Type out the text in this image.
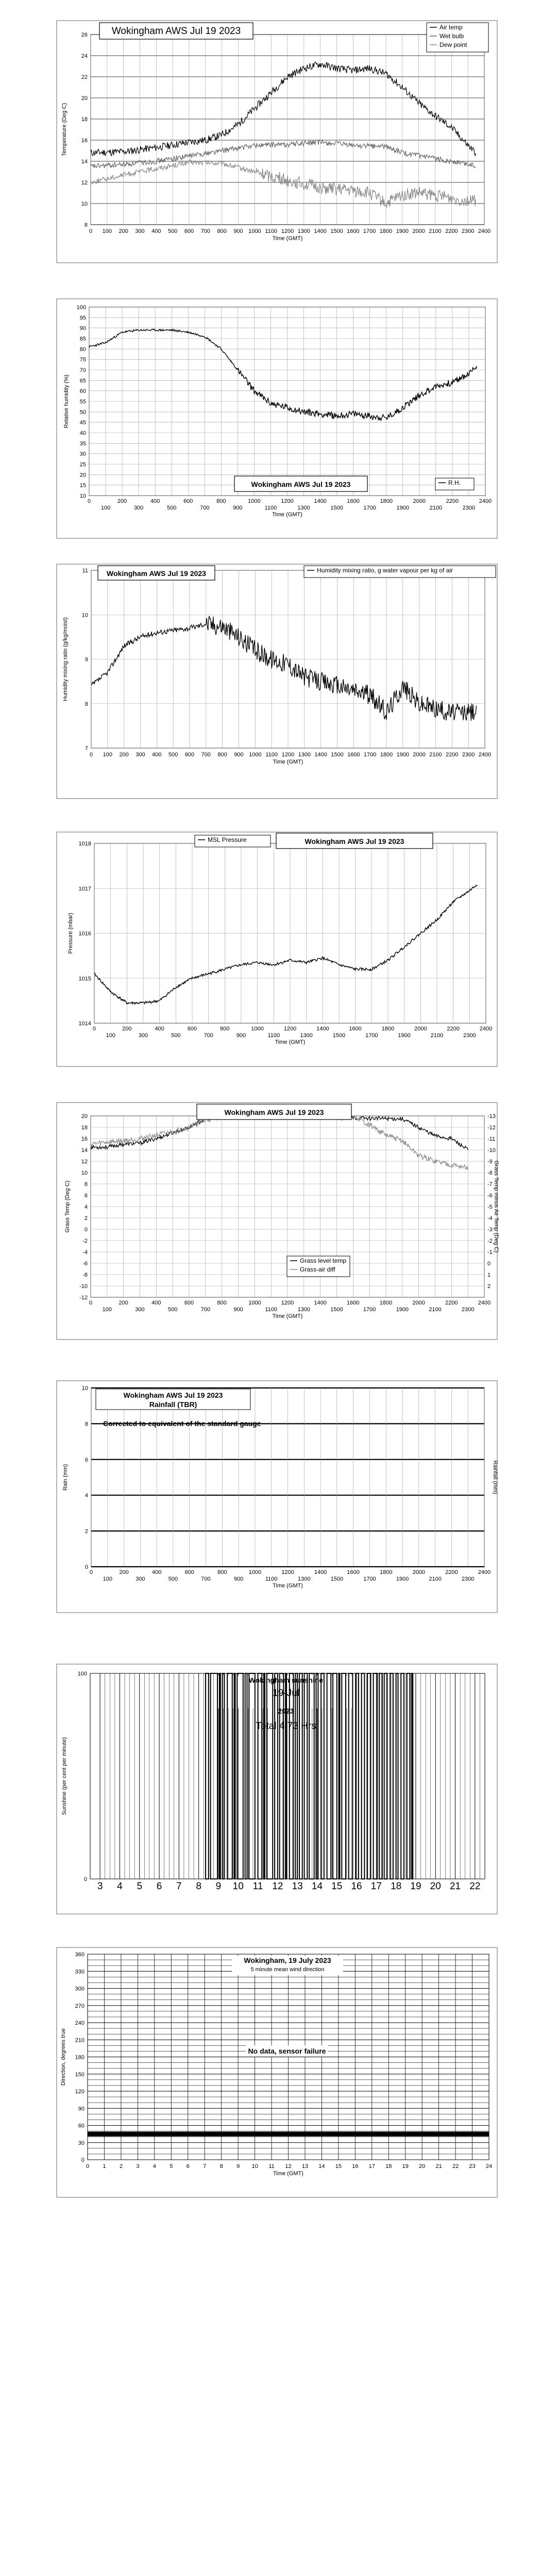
8
10
12
14
16
18
20
22
24
26
0 100 200 300 400 500 600 700 800 900 1000 1100 1200 1300 1400 1500 1600 1700 1800 1900 2000 2100 2200 2300 2400
Time (GMT)
Temperature (Deg C)
Wokingham AWS Jul 19 2023	Air temp
Wet bulb
Dew point
10
15
20
25
30
35
40
45
50
55
60
65
70
75
80
85
90
95
100
0	200	400	600	800	1000	1200	1400	1600	1800	2000	2200	2400
100	300	500	700	900	1100	1300	1500	1700	1900	2100	2300
Time (GMT)
Relative humidity (%)
Wokingham AWS Jul 19 2023	R.H.
7
8
9
10
11
0 100 200 300 400 500 600 700 800 900 1000 1100 1200 1300 1400 1500 1600 1700 1800 1900 2000 2100 2200 2300 2400
Time (GMT)
Humidity mixing ratio (g/kg/moist)
Wokingham AWS Jul 19 2023	Humidity mixing ratio, g water vapour per kg of air
1014
1015
1016
1017
1018
0	200	400	600	800	1000	1200	1400	1600	1800	2000	2200	2400
100	300	500	700	900	1100	1300	1500	1700	1900	2100	2300
Time (GMT)
Pressure (mbar)
MSL Pressure	Wokingham AWS Jul 19 2023
-12
-10
-8
-6
-4
-2
0
2
4
6
8
10
12
14
16
18
20
0	200	400	600	800	1000	1200	1400	1600	1800	2000	2200	2400
100	300	500	700	900	1100	1300	1500	1700	1900	2100	2300
Time (GMT)
Grass Temp (Deg C)	Grass Temp minus Air Temp (Deg C)
-13
-12
-11
-10
-9
-8
-7
-6
-5
-4
-3
-2
-1
0
1
2
Wokingham AWS Jul 19 2023
Grass level temp
Grass-air diff
0
2
4
6
8
10
0	200	400	600	800	1000	1200	1400	1600	1800	2000	2200	2400
100	300	500	700	900	1100	1300	1500	1700	1900	2100	2300
Time (GMT)
Rain (mm)	Rainfall (mm)
Wokingham AWS Jul 19 2023
Rainfall (TBR)
Corrected to equivalent of the standard gauge
3 4 5 6 7 8 9 10 11 12 13 14 15 16 17 18 19 20 21 22
0
100
Sunshine (per cent per minute)
Wokingham sunshine
19-Jul
2023
Total 4.73 Hrs
0
30
60
90
120
150
180
210
240
270
300
330
360
0 1 2 3 4 5 6 7 8 9 10 11 12 13 14 15 16 17 18 19 20 21 22 23 24
Time (GMT)
Direction, degrees true
Wokingham, 19 July 2023
5 minute mean wind direction
No data, sensor failure
